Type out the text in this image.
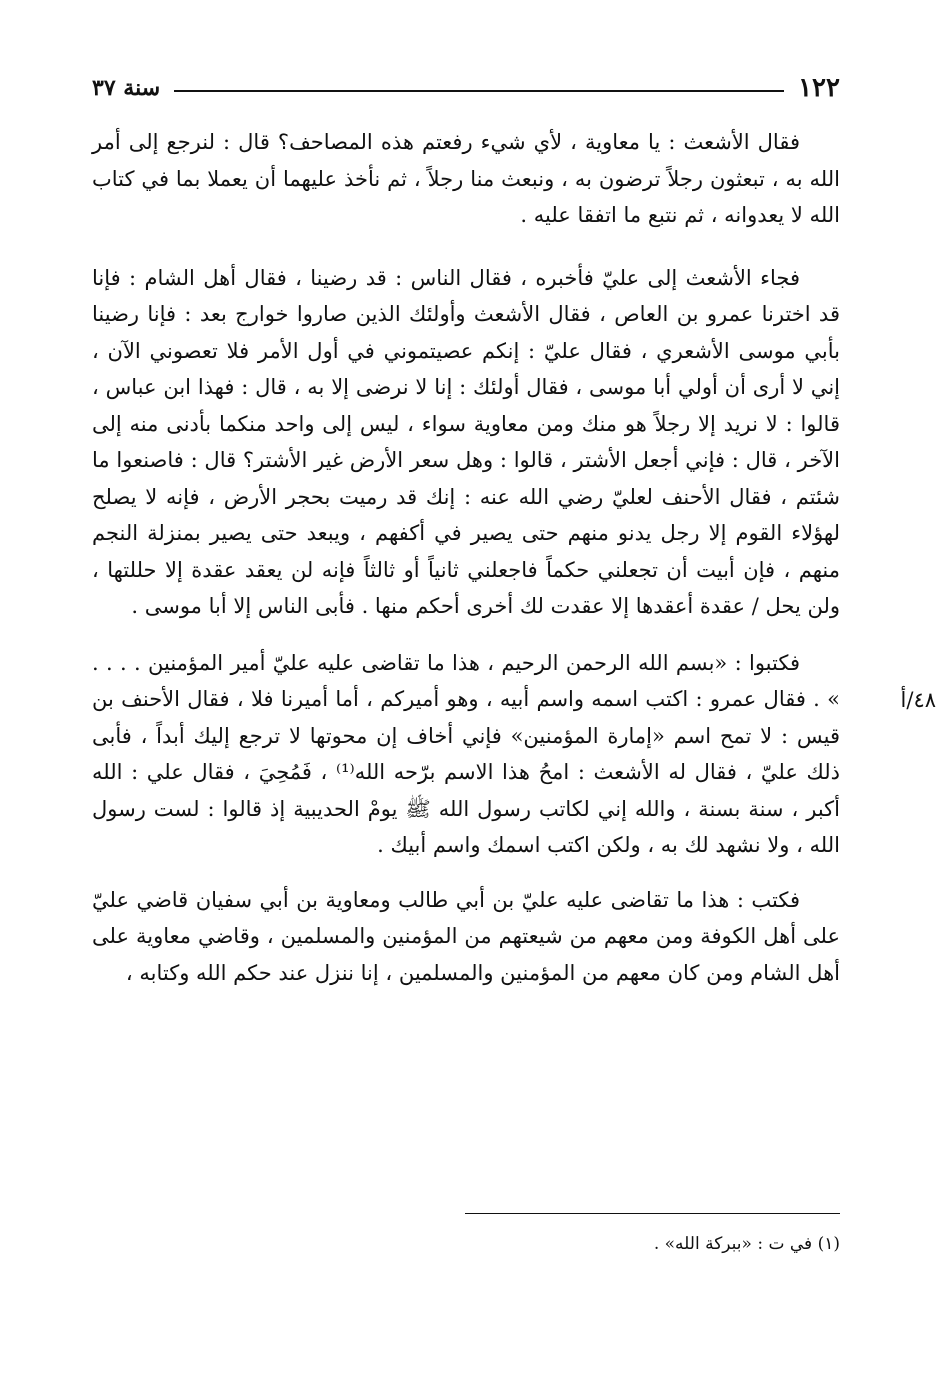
١٢٢
سنة ٣٧

فقال الأشعث : يا معاوية ، لأي شيء رفعتم هذه المصاحف؟ قال : لنرجع إلى أمر الله به ، تبعثون رجلاً ترضون به ، ونبعث منا رجلاً ، ثم نأخذ عليهما أن يعملا بما في كتاب الله لا يعدوانه ، ثم نتبع ما اتفقا عليه .

فجاء الأشعث إلى عليّ فأخبره ، فقال الناس : قد رضينا ، فقال أهل الشام : فإنا قد اخترنا عمرو بن العاص ، فقال الأشعث وأولئك الذين صاروا خوارج بعد : فإنا رضينا بأبي موسى الأشعري ، فقال عليّ : إنكم عصيتموني في أول الأمر فلا تعصوني الآن ، إني لا أرى أن أولي أبا موسى ، فقال أولئك : إنا لا نرضى إلا به ، قال : فهذا ابن عباس ، قالوا : لا نريد إلا رجلاً هو منك ومن معاوية سواء ، ليس إلى واحد منكما بأدنى منه إلى الآخر ، قال : فإني أجعل الأشتر ، قالوا : وهل سعر الأرض غير الأشتر؟ قال : فاصنعوا ما شئتم ، فقال الأحنف لعليّ رضي الله عنه : إنك قد رميت بحجر الأرض ، فإنه لا يصلح لهؤلاء القوم إلا رجل يدنو منهم حتى يصير في أكفهم ، ويبعد حتى يصير بمنزلة النجم منهم ، فإن أبيت أن تجعلني حكماً فاجعلني ثانياً أو ثالثاً فإنه لن يعقد عقدة إلا حللتها ، ولن يحل / عقدة أعقدها إلا عقدت لك أخرى أحكم منها . فأبى الناس إلا أبا موسى .

فكتبوا : «بسم الله الرحمن الرحيم ، هذا ما تقاضى عليه عليّ أمير المؤمنين . . . . » . فقال عمرو : اكتب اسمه واسم أبيه ، وهو أميركم ، أما أميرنا فلا ، فقال الأحنف بن قيس : لا تمح اسم «إمارة المؤمنين» فإني أخاف إن محوتها لا ترجع إليك أبداً ، فأبى ذلك عليّ ، فقال له الأشعث : امحُ هذا الاسم برّحه الله⁽¹⁾ ، فَمُحِيَ ، فقال علي : الله أكبر ، سنة بسنة ، والله إني لكاتب رسول الله ﷺ يومْ الحديبية إذ قالوا : لست رسول الله ، ولا نشهد لك به ، ولكن اكتب اسمك واسم أبيك .

فكتب : هذا ما تقاضى عليه عليّ بن أبي طالب ومعاوية بن أبي سفيان قاضي عليّ على أهل الكوفة ومن معهم من شيعتهم من المؤمنين والمسلمين ، وقاضي معاوية على أهل الشام ومن كان معهم من المؤمنين والمسلمين ، إنا ننزل عند حكم الله وكتابه ،

٤٨/أ
(١) في ت : «ببركة الله» .
